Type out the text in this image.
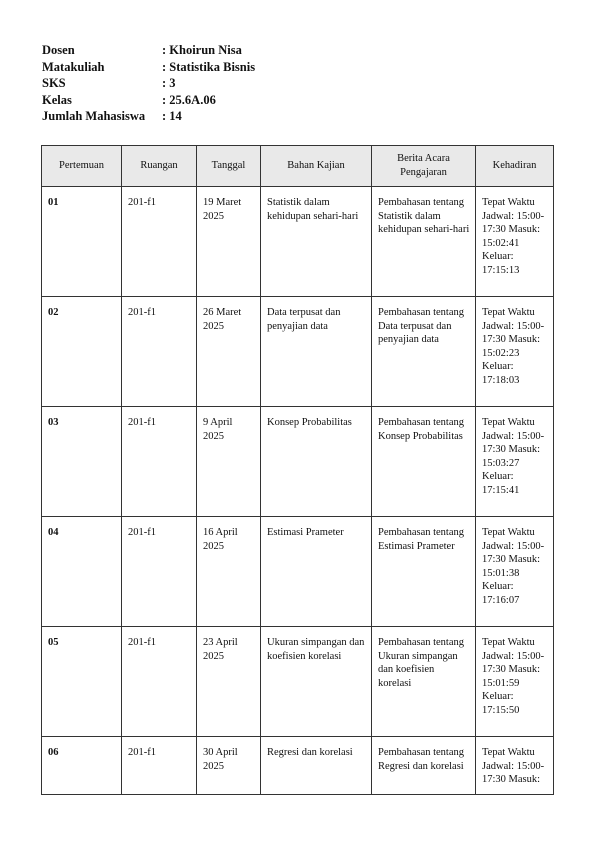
Dosen	: Khoirun Nisa
Matakuliah	: Statistika Bisnis
SKS	: 3
Kelas	: 25.6A.06
Jumlah Mahasiswa	: 14
Pertemuan	Ruangan	Tanggal	Bahan Kajian	Berita Acara Pengajaran	Kehadiran
01	201-f1	19 Maret 2025	Statistik dalam kehidupan sehari-hari	Pembahasan tentang Statistik dalam kehidupan sehari-hari	Tepat Waktu Jadwal: 15:00-17:30 Masuk: 15:02:41 Keluar: 17:15:13
02	201-f1	26 Maret 2025	Data terpusat dan penyajian data	Pembahasan tentang Data terpusat dan penyajian data	Tepat Waktu Jadwal: 15:00-17:30 Masuk: 15:02:23 Keluar: 17:18:03
03	201-f1	9 April 2025	Konsep Probabilitas	Pembahasan tentang Konsep Probabilitas	Tepat Waktu Jadwal: 15:00-17:30 Masuk: 15:03:27 Keluar: 17:15:41
04	201-f1	16 April 2025	Estimasi Prameter	Pembahasan tentang Estimasi Prameter	Tepat Waktu Jadwal: 15:00-17:30 Masuk: 15:01:38 Keluar: 17:16:07
05	201-f1	23 April 2025	Ukuran simpangan dan koefisien korelasi	Pembahasan tentang Ukuran simpangan dan koefisien korelasi	Tepat Waktu Jadwal: 15:00-17:30 Masuk: 15:01:59 Keluar: 17:15:50
06	201-f1	30 April 2025	Regresi dan korelasi	Pembahasan tentang Regresi dan korelasi	Tepat Waktu Jadwal: 15:00-17:30 Masuk:
